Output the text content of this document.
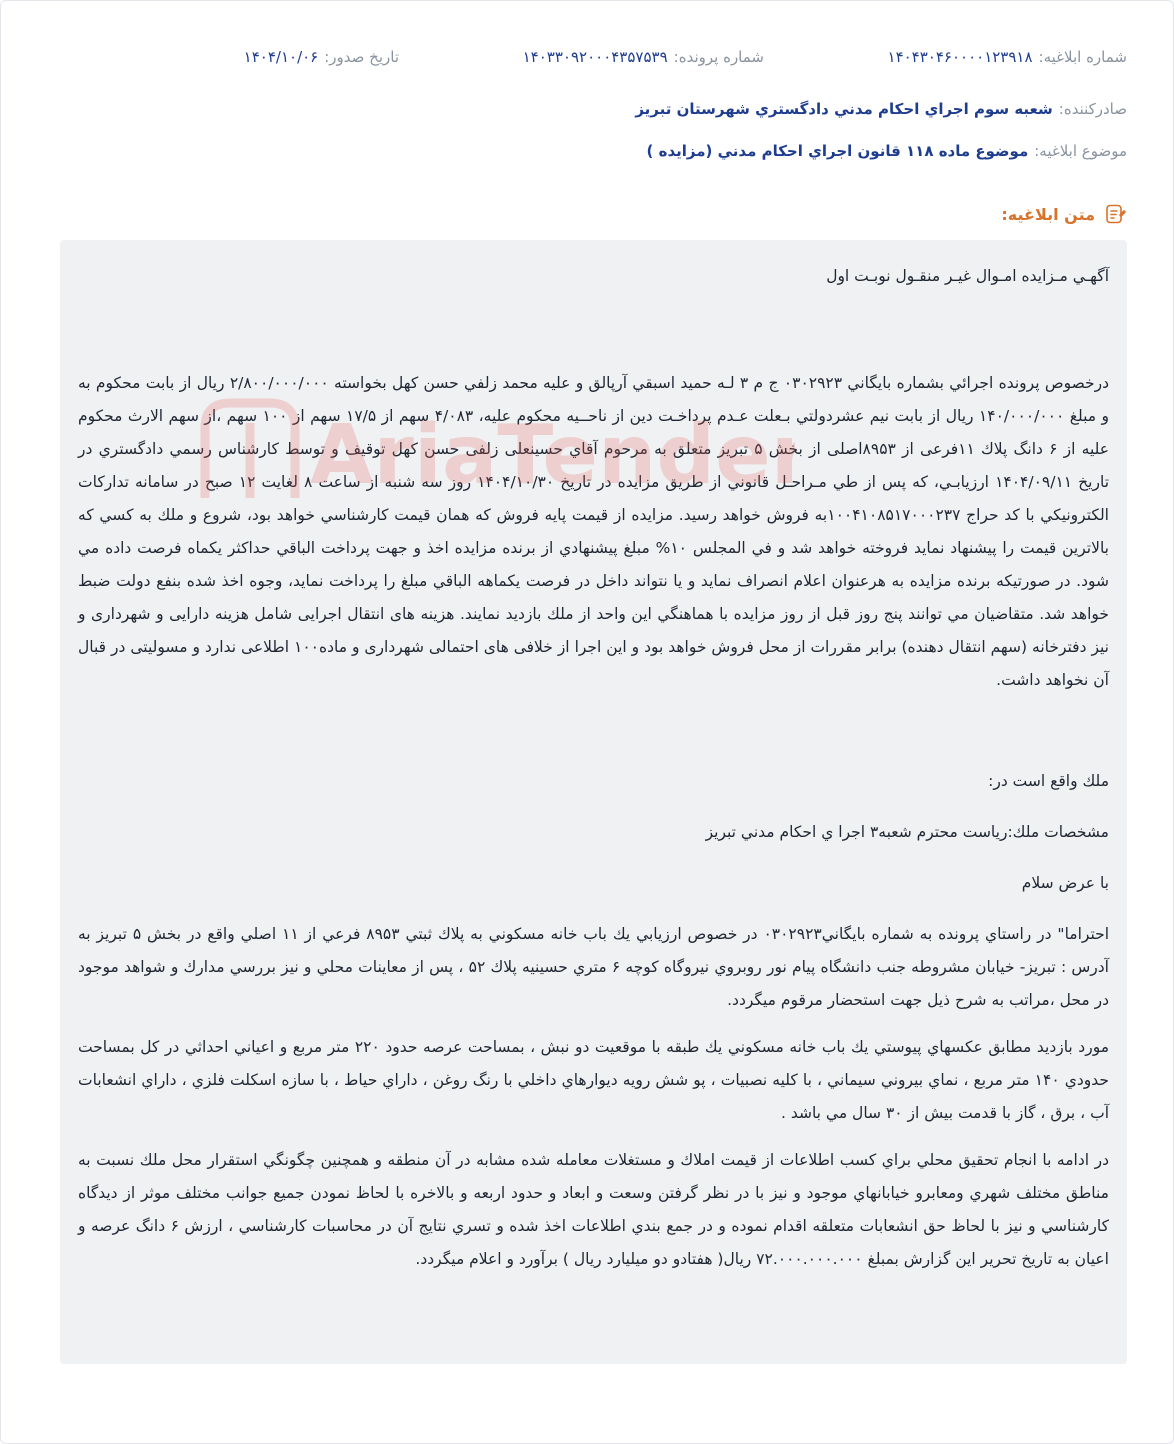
شماره ابلاغیه:
۱۴۰۴۳۰۴۶۰۰۰۰۱۲۳۹۱۸
شماره پرونده:
۱۴۰۳۳۰۹۲۰۰۰۴۳۵۷۵۳۹
تاریخ صدور:
۱۴۰۴/۱۰/۰۶
صادرکننده:
شعبه سوم اجراي احكام مدني دادگستري شهرستان تبريز
موضوع ابلاغیه:
موضوع ماده ۱۱۸ قانون اجراي احكام مدني (مزايده )
متن ابلاغیه:

آگهـي مـزايده امـوال غيـر منقـول نوبـت اول

درخصوص پرونده اجرائي بشماره بايگاني ۰۳۰۲۹۲۳ ج م ۳ لـه حميد اسبقي آرپالق و عليه محمد زلفي حسن كهل بخواسته ۲/۸۰۰/۰۰۰/۰۰۰ ريال از بابت محكوم به و مبلغ ۱۴۰/۰۰۰/۰۰۰ ريال از بابت نيم عشردولتي بـعلت عـدم پرداخـت دين از ناحــيه محكوم عليه، ۴/۰۸۳ سهم از ۱۷/۵ سهم از ۱۰۰ سهم ،از سهم الارث محكوم عليه از ۶ دانگ پلاك ۱۱فرعی از ۸۹۵۳اصلی از بخش ۵ تبريز متعلق به مرحوم آقاي حسينعلی زلفی حسن كهل توقيف و توسط كارشناس رسمي دادگستري در تاريخ ۱۴۰۴/۰۹/۱۱ ارزيابـي، كه پس از طي مـراحـل قانوني از طريق مزايده در تاريخ ۱۴۰۴/۱۰/۳۰ روز سه شنبه از ساعت ۸ لغايت ۱۲ صبح در سامانه تداركات الكترونيكي با كد حراج ۱۰۰۴۱۰۸۵۱۷۰۰۰۲۳۷به فروش خواهد رسيد. مزايده از قيمت پايه فروش كه همان قيمت كارشناسي خواهد بود، شروع و ملك به كسي كه بالاترين قيمت را پيشنهاد نمايد فروخته خواهد شد و في المجلس ۱۰% مبلغ پيشنهادي از برنده مزايده اخذ و جهت پرداخت الباقي حداكثر يكماه فرصت داده مي شود. در صورتيكه برنده مزايده به هرعنوان اعلام انصراف نمايد و يا نتواند داخل در فرصت يكماهه الباقي مبلغ را پرداخت نمايد، وجوه اخذ شده بنفع دولت ضبط خواهد شد. متقاضيان مي توانند پنج روز قبل از روز مزايده با هماهنگي اين واحد از ملك بازديد نمايند. هزينه های انتقال اجرايی شامل هزينه دارايی و شهرداری و نيز دفترخانه (سهم انتقال دهنده) برابر مقررات از محل فروش خواهد بود و اين اجرا از خلافی های احتمالی شهرداری و ماده۱۰۰ اطلاعی ندارد و مسوليتی در قبال آن نخواهد داشت.

ملك واقع است در:

مشخصات ملك:رياست محترم شعبه۳ اجرا ي احكام مدني تبريز

با عرض سلام

احتراما" در راستاي پرونده به شماره بايگاني۰۳۰۲۹۲۳ در خصوص ارزيابي يك باب خانه مسكوني به پلاك ثبتي ۸۹۵۳ فرعي از ۱۱ اصلي واقع در بخش ۵ تبريز به آدرس : تبريز- خيابان مشروطه جنب دانشگاه پيام نور روبروي نيروگاه كوچه ۶ متري حسينيه پلاك ۵۲ ، پس از معاينات محلي و نيز بررسي مدارك و شواهد موجود در محل ،مراتب به شرح ذيل جهت استحضار مرقوم ميگردد.

مورد بازديد مطابق عكسهاي پيوستي يك باب خانه مسكوني يك طبقه با موقعيت دو نبش ، بمساحت عرصه حدود ۲۲۰ متر مربع و اعياني احداثي در كل بمساحت حدودي ۱۴۰ متر مربع ، نماي بيروني سيماني ، با كليه نصبيات ، پو شش رويه ديوارهاي داخلي با رنگ روغن ، داراي حياط ، با سازه اسكلت فلزي ، داراي انشعابات آب ، برق ، گاز با قدمت بيش از ۳۰ سال مي باشد .

در ادامه با انجام تحقيق محلي براي كسب اطلاعات از قيمت املاك و مستغلات معامله شده مشابه در آن منطقه و همچنين چگونگي استقرار محل ملك نسبت به مناطق مختلف شهري ومعابرو خيابانهاي موجود و نيز با در نظر گرفتن وسعت و ابعاد و حدود اربعه و بالاخره با لحاظ نمودن جميع جوانب مختلف موثر از ديدگاه كارشناسي و نيز با لحاظ حق انشعابات متعلقه اقدام نموده و در جمع بندي اطلاعات اخذ شده و تسري نتايج آن در محاسبات كارشناسي ، ارزش ۶ دانگ عرصه و اعيان به تاريخ تحرير اين گزارش بمبلغ ۷۲.۰۰۰.۰۰۰.۰۰۰ ريال( هفتادو دو ميليارد ريال ) برآورد و اعلام ميگردد.

AriaTender
